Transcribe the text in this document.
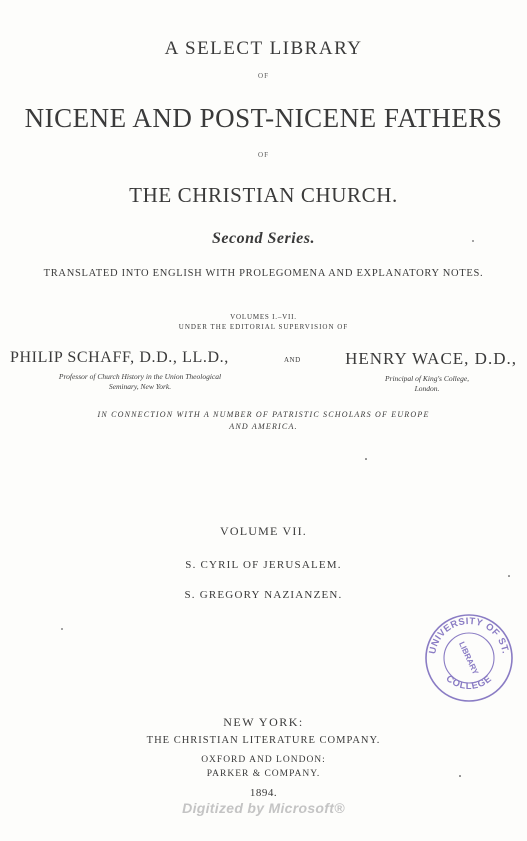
A SELECT LIBRARY
OF
NICENE AND POST-NICENE FATHERS
OF
THE CHRISTIAN CHURCH.
Second Series.
TRANSLATED INTO ENGLISH WITH PROLEGOMENA AND EXPLANATORY NOTES.
VOLUMES I.–VII.
UNDER THE EDITORIAL SUPERVISION OF
PHILIP SCHAFF, D.D., LL.D.,
Professor of Church History in the Union Theological
Seminary, New York.
AND	HENRY WACE, D.D.,
Principal of King's College,
London.
IN CONNECTION WITH A NUMBER OF PATRISTIC SCHOLARS OF EUROPE
AND AMERICA.
VOLUME VII.
S. CYRIL OF JERUSALEM.
S. GREGORY NAZIANZEN.
UNIVERSITY OF ST.
COLLEGE
LIBRARY
NEW YORK:
THE CHRISTIAN LITERATURE COMPANY.
OXFORD AND LONDON:
PARKER & COMPANY.
1894.
Digitized by Microsoft®
